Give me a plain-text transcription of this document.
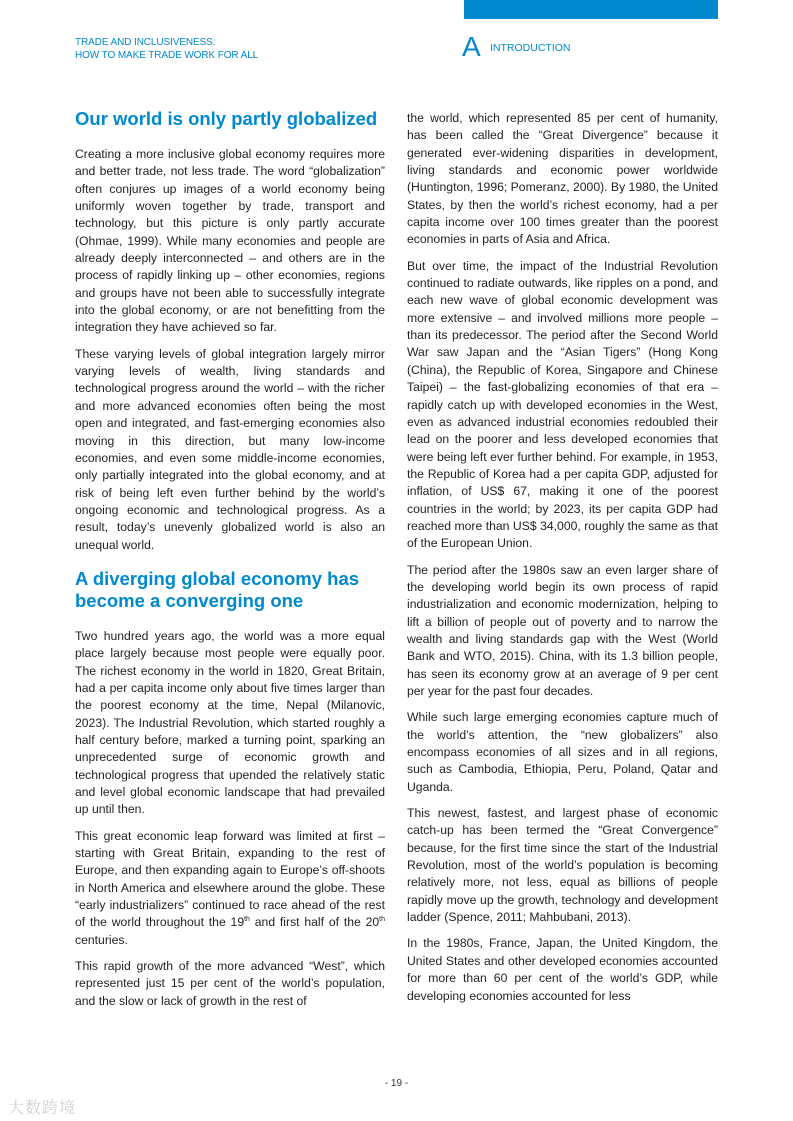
TRADE AND INCLUSIVENESS:
HOW TO MAKE TRADE WORK FOR ALL	A INTRODUCTION
Our world is only partly globalized

Creating a more inclusive global economy requires more and better trade, not less trade. The word “globalization” often conjures up images of a world economy being uniformly woven together by trade, transport and technology, but this picture is only partly accurate (Ohmae, 1999). While many economies and people are already deeply interconnected – and others are in the process of rapidly linking up – other economies, regions and groups have not been able to successfully integrate into the global economy, or are not benefitting from the integration they have achieved so far.

These varying levels of global integration largely mirror varying levels of wealth, living standards and technological progress around the world – with the richer and more advanced economies often being the most open and integrated, and fast-emerging economies also moving in this direction, but many low-income economies, and even some middle-income economies, only partially integrated into the global economy, and at risk of being left even further behind by the world’s ongoing economic and technological progress. As a result, today’s unevenly globalized world is also an unequal world.

A diverging global economy has become a converging one

Two hundred years ago, the world was a more equal place largely because most people were equally poor. The richest economy in the world in 1820, Great Britain, had a per capita income only about five times larger than the poorest economy at the time, Nepal (Milanovic, 2023). The Industrial Revolution, which started roughly a half century before, marked a turning point, sparking an unprecedented surge of economic growth and technological progress that upended the relatively static and level global economic landscape that had prevailed up until then.

This great economic leap forward was limited at first – starting with Great Britain, expanding to the rest of Europe, and then expanding again to Europe’s off-shoots in North America and elsewhere around the globe. These “early industrializers” continued to race ahead of the rest of the world throughout the 19th and first half of the 20th centuries.

This rapid growth of the more advanced “West”, which represented just 15 per cent of the world’s population, and the slow or lack of growth in the rest of

the world, which represented 85 per cent of humanity, has been called the “Great Divergence” because it generated ever-widening disparities in development, living standards and economic power worldwide (Huntington, 1996; Pomeranz, 2000). By 1980, the United States, by then the world’s richest economy, had a per capita income over 100 times greater than the poorest economies in parts of Asia and Africa.

But over time, the impact of the Industrial Revolution continued to radiate outwards, like ripples on a pond, and each new wave of global economic development was more extensive – and involved millions more people – than its predecessor. The period after the Second World War saw Japan and the “Asian Tigers” (Hong Kong (China), the Republic of Korea, Singapore and Chinese Taipei) – the fast-globalizing economies of that era – rapidly catch up with developed economies in the West, even as advanced industrial economies redoubled their lead on the poorer and less developed economies that were being left ever further behind. For example, in 1953, the Republic of Korea had a per capita GDP, adjusted for inflation, of US$ 67, making it one of the poorest countries in the world; by 2023, its per capita GDP had reached more than US$ 34,000, roughly the same as that of the European Union.

The period after the 1980s saw an even larger share of the developing world begin its own process of rapid industrialization and economic modernization, helping to lift a billion of people out of poverty and to narrow the wealth and living standards gap with the West (World Bank and WTO, 2015). China, with its 1.3 billion people, has seen its economy grow at an average of 9 per cent per year for the past four decades.

While such large emerging economies capture much of the world’s attention, the “new globalizers” also encompass economies of all sizes and in all regions, such as Cambodia, Ethiopia, Peru, Poland, Qatar and Uganda.

This newest, fastest, and largest phase of economic catch-up has been termed the “Great Convergence” because, for the first time since the start of the Industrial Revolution, most of the world’s population is becoming relatively more, not less, equal as billions of people rapidly move up the growth, technology and development ladder (Spence, 2011; Mahbubani, 2013).

In the 1980s, France, Japan, the United Kingdom, the United States and other developed economies accounted for more than 60 per cent of the world’s GDP, while developing economies accounted for less

- 19 -
大数跨境
